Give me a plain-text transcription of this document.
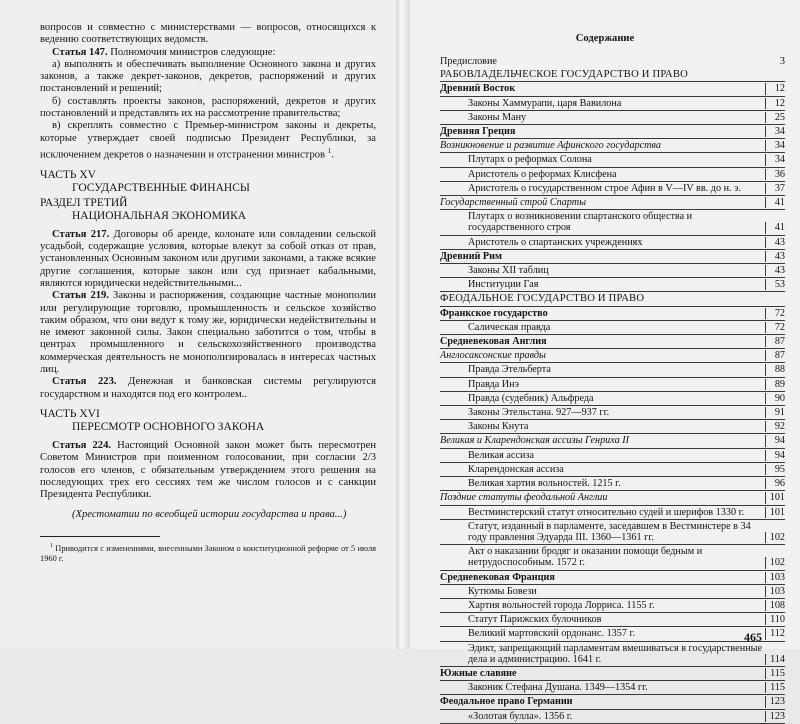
вопросов и совместно с министерствами — вопросов, относящихся к ведению соответствующих ведомств.

Статья 147. Полномочия министров следующие:

а) выполнять и обеспечивать выполнение Основного закона и других законов, а также декрет-законов, декретов, распоряжений и других постановлений и решений;

б) составлять проекты законов, распоряжений, декретов и других постановлений и представлять их на рассмотрение правительства;

в) скреплять совместно с Премьер-министром законы и декреты, которые утверждает своей подписью Президент Республики, за исключением декретов о назначении и отстранении министров $^1$.

ЧАСТЬ XV

ГОСУДАРСТВЕННЫЕ ФИНАНСЫ

РАЗДЕЛ ТРЕТИЙ

НАЦИОНАЛЬНАЯ ЭКОНОМИКА

Статья 217. Договоры об аренде, колонате или совладении сельской усадьбой, содержащие условия, которые влекут за собой отказ от прав, установленных Основным законом или другими законами, а также всякие другие соглашения, которые закон или суд признает кабальными, являются юридически недействительными...

Статья 219. Законы и распоряжения, создающие частные монополии или регулирующие торговлю, промышленность и сельское хозяйство таким образом, что они ведут к тому же, юридически недействительны и не имеют законной силы. Закон специально заботится о том, чтобы в центрах промышленного и сельскохозяйственного производства коммерческая деятельность не монополизировалась в интересах частных лиц.

Статья 223. Денежная и банковская системы регулируются государством и находятся под его контролем..

ЧАСТЬ XVI

ПЕРЕСМОТР ОСНОВНОГО ЗАКОНА

Статья 224. Настоящий Основной закон может быть пересмотрен Советом Министров при поименном голосовании, при согласии 2/3 голосов его членов, с обязательным утверждением этого решения на последующих трех его сессиях тем же числом голосов и с санкции Президента Республики.

(Хрестоматии по всеобщей истории государства и права...)

$^1$ Приводится с изменениями, внесенными Законом о конституционной реформе от 5 июля 1960 г.

Содержание
Предисловие	3
РАБОВЛАДЕЛЬЧЕСКОЕ ГОСУДАРСТВО И ПРАВО
Древний Восток	12
Законы Хаммурапи, царя Вавилона	12
Законы Ману	25
Древняя Греция	34
Возникновение и развитие Афинского государства	34
Плутарх о реформах Солона	34
Аристотель о реформах Клисфена	36
Аристотель о государственном строе Афин в V—IV вв. до н. э.	37
Государственный строй Спарты	41
Плутарх о возникновении спартанского общества и государственного строя	41
Аристотель о спартанских учреждениях	43
Древний Рим	43
Законы XII таблиц	43
Институции Гая	53
ФЕОДАЛЬНОЕ ГОСУДАРСТВО И ПРАВО
Франкское государство	72
Салическая правда	72
Средневековая Англия	87
Англосаксонские правды	87
Правда Этельберта	88
Правда Инэ	89
Правда (судебник) Альфреда	90
Законы Этельстана. 927—937 гг.	91
Законы Кнута	92
Великая и Кларендонская ассизы Генриха II	94
Великая ассиза	94
Кларендонская ассиза	95
Великая хартия вольностей. 1215 г.	96
Поздние статуты феодальной Англии	101
Вестминстерский статут относительно судей и шерифов 1330 г.	101
Статут, изданный в парламенте, заседавшем в Вестминстере в 34 году правления Эдуарда III. 1360—1361 гг.	102
Акт о наказании бродяг и оказании помощи бедным и нетрудоспособным. 1572 г.	102
Средневековая Франция	103
Кутюмы Бовези	103
Хартия вольностей города Лорриса. 1155 г.	108
Статут Парижских булочников	110
Великий мартовский ордонанс. 1357 г.	112
Эдикт, запрещающий парламентам вмешиваться в государственные дела и администрацию. 1641 г.	114
Южные славяне	115
Законик Стефана Душана. 1349—1354 гг.	115
Феодальное право Германии	123
«Золотая булла». 1356 г.	123
465
